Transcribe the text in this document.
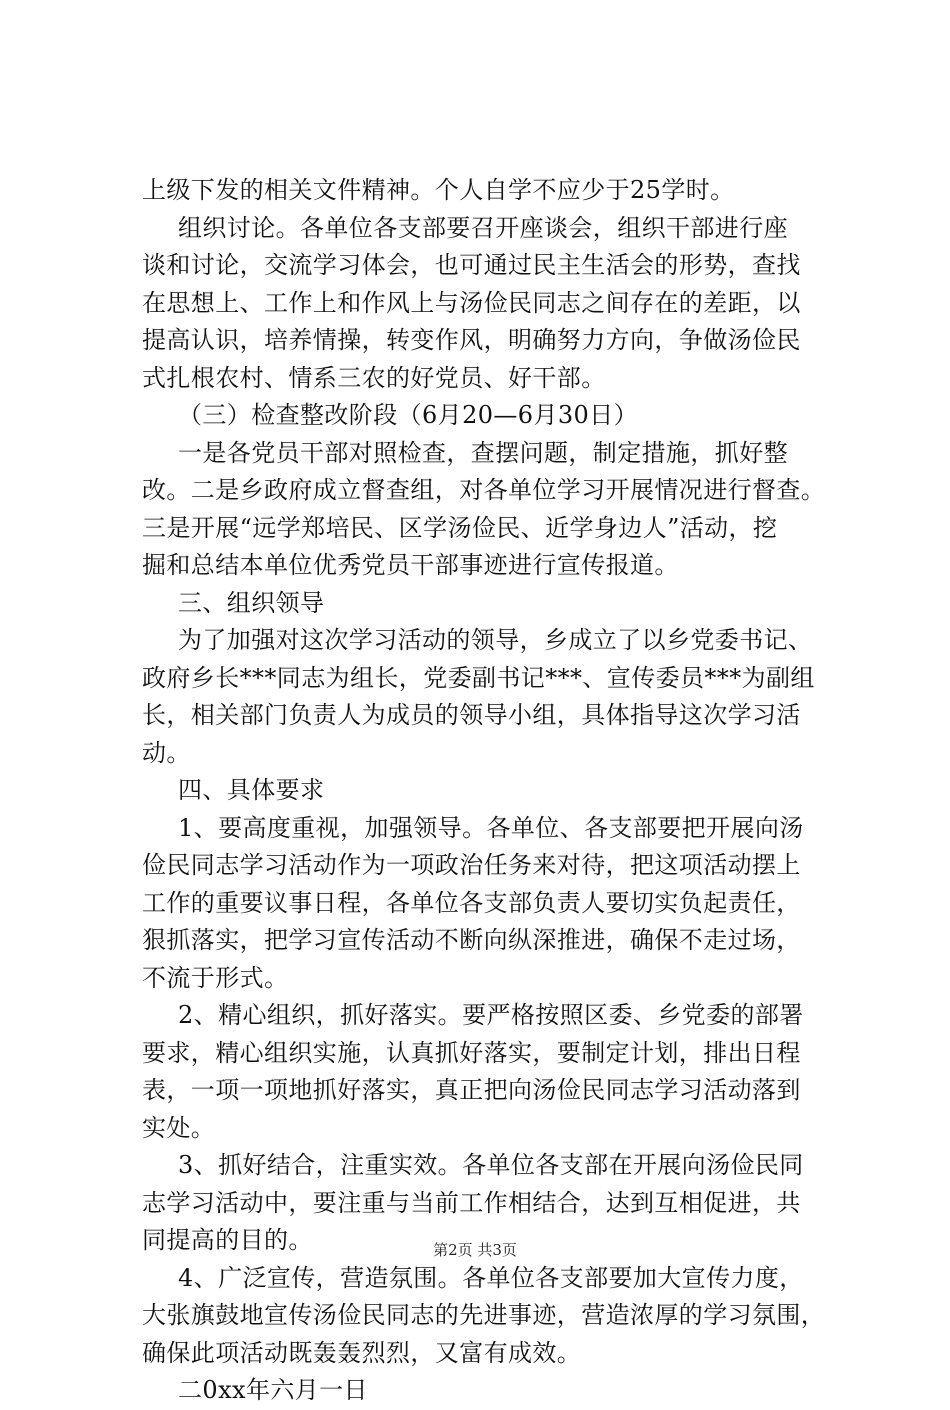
上级下发的相关文件精神。个人自学不应少于25学时。
组织讨论。各单位各支部要召开座谈会，组织干部进行座
谈和讨论，交流学习体会，也可通过民主生活会的形势，查找
在思想上、工作上和作风上与汤俭民同志之间存在的差距，以
提高认识，培养情操，转变作风，明确努力方向，争做汤俭民
式扎根农村、情系三农的好党员、好干部。
（三）检查整改阶段（6月20—6月30日）
一是各党员干部对照检查，查摆问题，制定措施，抓好整
改。二是乡政府成立督查组，对各单位学习开展情况进行督查。
三是开展“远学郑培民、区学汤俭民、近学身边人”活动，挖
掘和总结本单位优秀党员干部事迹进行宣传报道。
三、组织领导
为了加强对这次学习活动的领导，乡成立了以乡党委书记、
政府乡长***同志为组长，党委副书记***、宣传委员***为副组
长，相关部门负责人为成员的领导小组，具体指导这次学习活
动。
四、具体要求
1、要高度重视，加强领导。各单位、各支部要把开展向汤
俭民同志学习活动作为一项政治任务来对待，把这项活动摆上
工作的重要议事日程，各单位各支部负责人要切实负起责任，
狠抓落实，把学习宣传活动不断向纵深推进，确保不走过场，
不流于形式。
2、精心组织，抓好落实。要严格按照区委、乡党委的部署
要求，精心组织实施，认真抓好落实，要制定计划，排出日程
表，一项一项地抓好落实，真正把向汤俭民同志学习活动落到
实处。
3、抓好结合，注重实效。各单位各支部在开展向汤俭民同
志学习活动中，要注重与当前工作相结合，达到互相促进，共
同提高的目的。
4、广泛宣传，营造氛围。各单位各支部要加大宣传力度，
大张旗鼓地宣传汤俭民同志的先进事迹，营造浓厚的学习氛围，
确保此项活动既轰轰烈烈，又富有成效。
二0xx年六月一日
第2页 共3页
